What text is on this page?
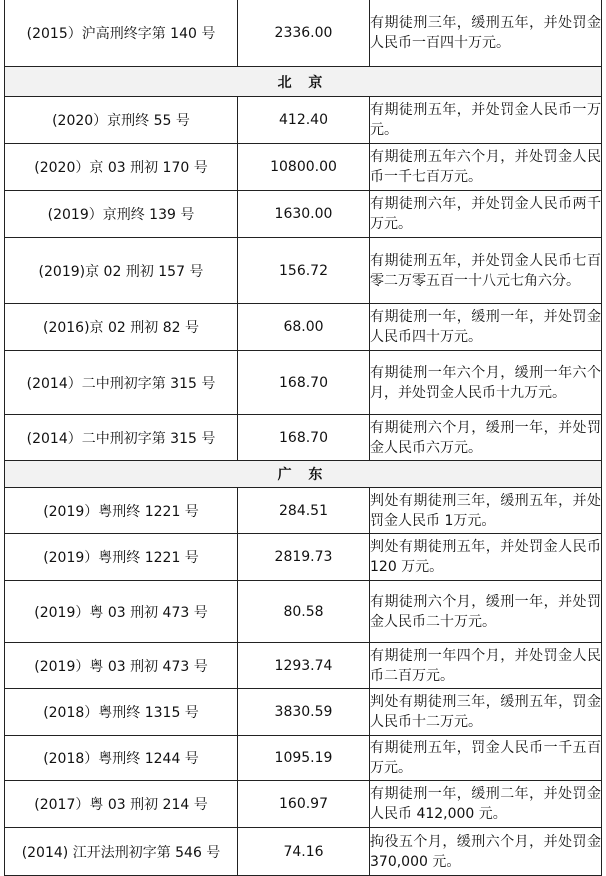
(2015）沪高刑终字第 140 号	2336.00	有期徒刑三年，缓刑五年，并处罚金人民币一百四十万元。
北 京		
(2020）京刑终 55 号	412.40	有期徒刑五年，并处罚金人民币一万元。
(2020）京 03 刑初 170 号	10800.00	有期徒刑五年六个月，并处罚金人民币一千七百万元。
(2019）京刑终 139 号	1630.00	有期徒刑六年，并处罚金人民币两千万元。
(2019)京 02 刑初 157 号	156.72	有期徒刑五年，并处罚金人民币七百零二万零五百一十八元七角六分。
(2016)京 02 刑初 82 号	68.00	有期徒刑一年，缓刑一年，并处罚金人民币四十万元。
(2014）二中刑初字第 315 号	168.70	有期徒刑一年六个月，缓刑一年六个月，并处罚金人民币十九万元。
(2014）二中刑初字第 315 号	168.70	有期徒刑六个月，缓刑一年，并处罚金人民币六万元。
广 东		
(2019）粤刑终 1221 号	284.51	判处有期徒刑三年，缓刑五年，并处罚金人民币 1万元。
(2019）粤刑终 1221 号	2819.73	判处有期徒刑五年，并处罚金人民币 120 万元。
(2019）粤 03 刑初 473 号	80.58	有期徒刑六个月，缓刑一年，并处罚金人民币二十万元。
(2019）粤 03 刑初 473 号	1293.74	有期徒刑一年四个月，并处罚金人民币二百万元。
(2018）粤刑终 1315 号	3830.59	判处有期徒刑三年，缓刑五年，罚金人民币十二万元。
(2018）粤刑终 1244 号	1095.19	有期徒刑五年，罚金人民币一千五百万元。
(2017）粤 03 刑初 214 号	160.97	有期徒刑一年，缓刑二年，并处罚金人民币 412,000 元。
(2014) 江开法刑初字第 546 号	74.16	拘役五个月，缓刑六个月，并处罚金 370,000 元。
